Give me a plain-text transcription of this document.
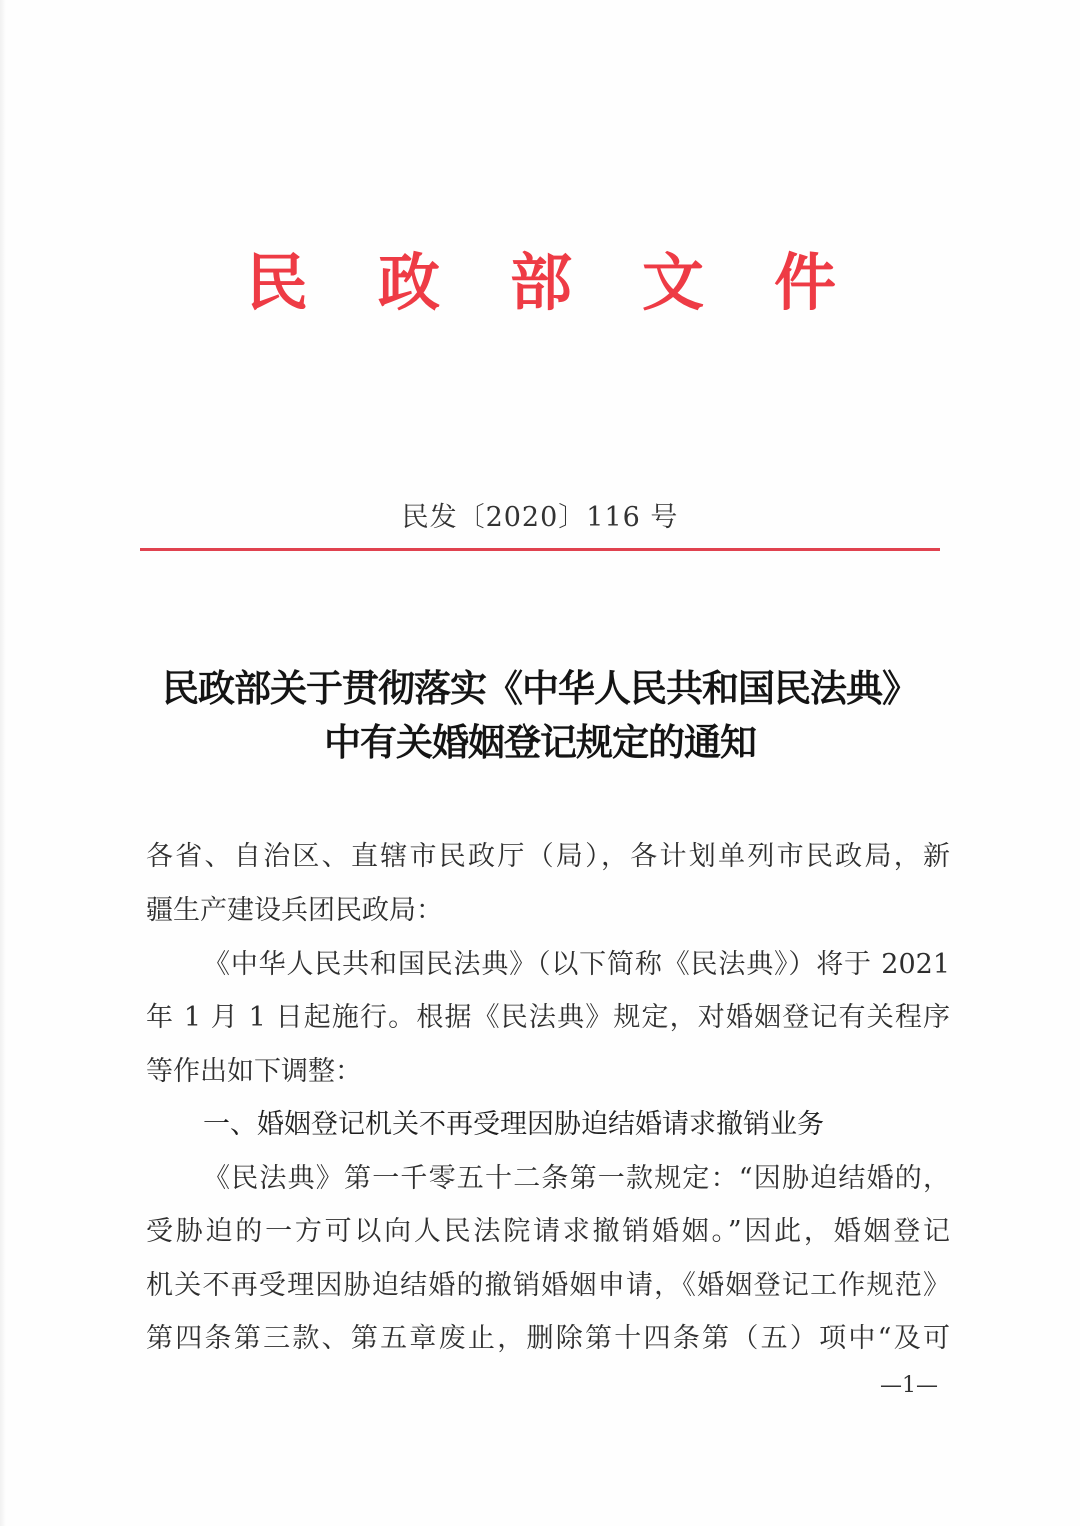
民 政 部 文 件
民发〔2020〕116 号
民政部关于贯彻落实《中华人民共和国民法典》
中有关婚姻登记规定的通知
各省、自治区、直辖市民政厅（局），各计划单列市民政局，新
疆生产建设兵团民政局：
《中华人民共和国民法典》（以下简称《民法典》）将于 2021
年 1 月 1 日起施行。根据《民法典》规定，对婚姻登记有关程序
等作出如下调整：
一、婚姻登记机关不再受理因胁迫结婚请求撤销业务
《民法典》第一千零五十二条第一款规定：“因胁迫结婚的，
受胁迫的一方可以向人民法院请求撤销婚姻。”因此，婚姻登记
机关不再受理因胁迫结婚的撤销婚姻申请，《婚姻登记工作规范》
第四条第三款、第五章废止，删除第十四条第（五）项中“及可
—1—
